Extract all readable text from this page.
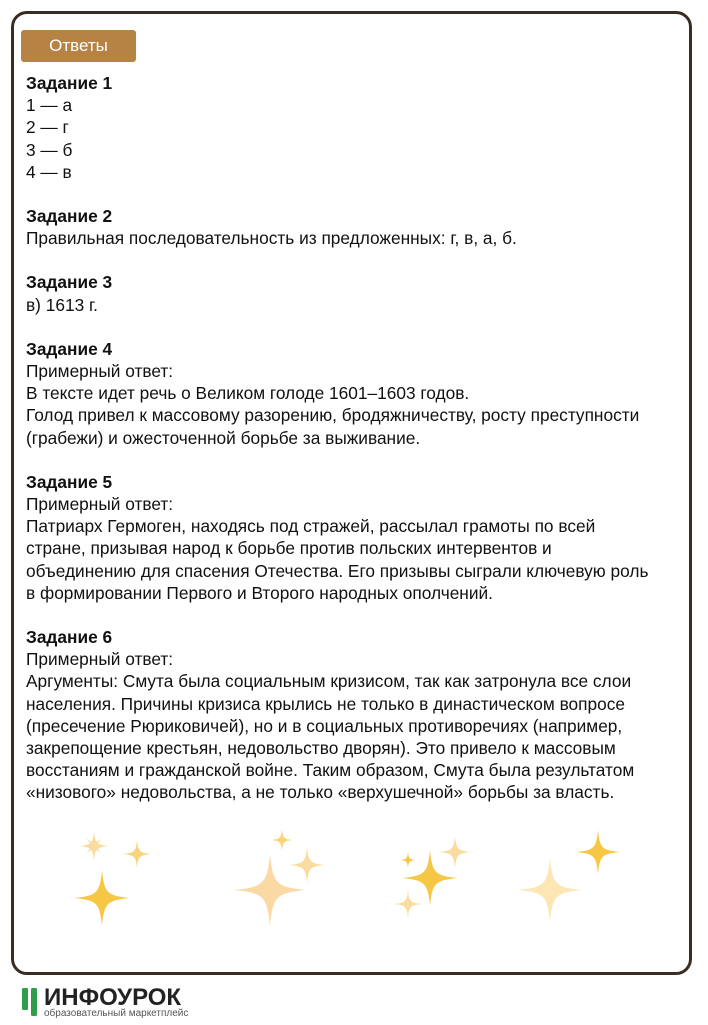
Ответы
Задание 1
1 — а
2 — г
3 — б
4 — в
Задание 2
Правильная последовательность из предложенных: г, в, а, б.
Задание 3
в) 1613 г.
Задание 4
Примерный ответ:
В тексте идет речь о Великом голоде 1601–1603 годов.
Голод привел к массовому разорению, бродяжничеству, росту преступности
(грабежи) и ожесточенной борьбе за выживание.
Задание 5
Примерный ответ:
Патриарх Гермоген, находясь под стражей, рассылал грамоты по всей
стране, призывая народ к борьбе против польских интервентов и
объединению для спасения Отечества. Его призывы сыграли ключевую роль
в формировании Первого и Второго народных ополчений.
Задание 6
Примерный ответ:
Аргументы: Смута была социальным кризисом, так как затронула все слои
населения. Причины кризиса крылись не только в династическом вопросе
(пресечение Рюриковичей), но и в социальных противоречиях (например,
закрепощение крестьян, недовольство дворян). Это привело к массовым
восстаниям и гражданской войне. Таким образом, Смута была результатом
«низового» недовольства, а не только «верхушечной» борьбы за власть.
ИНФОУРОК
образовательный маркетплейс
